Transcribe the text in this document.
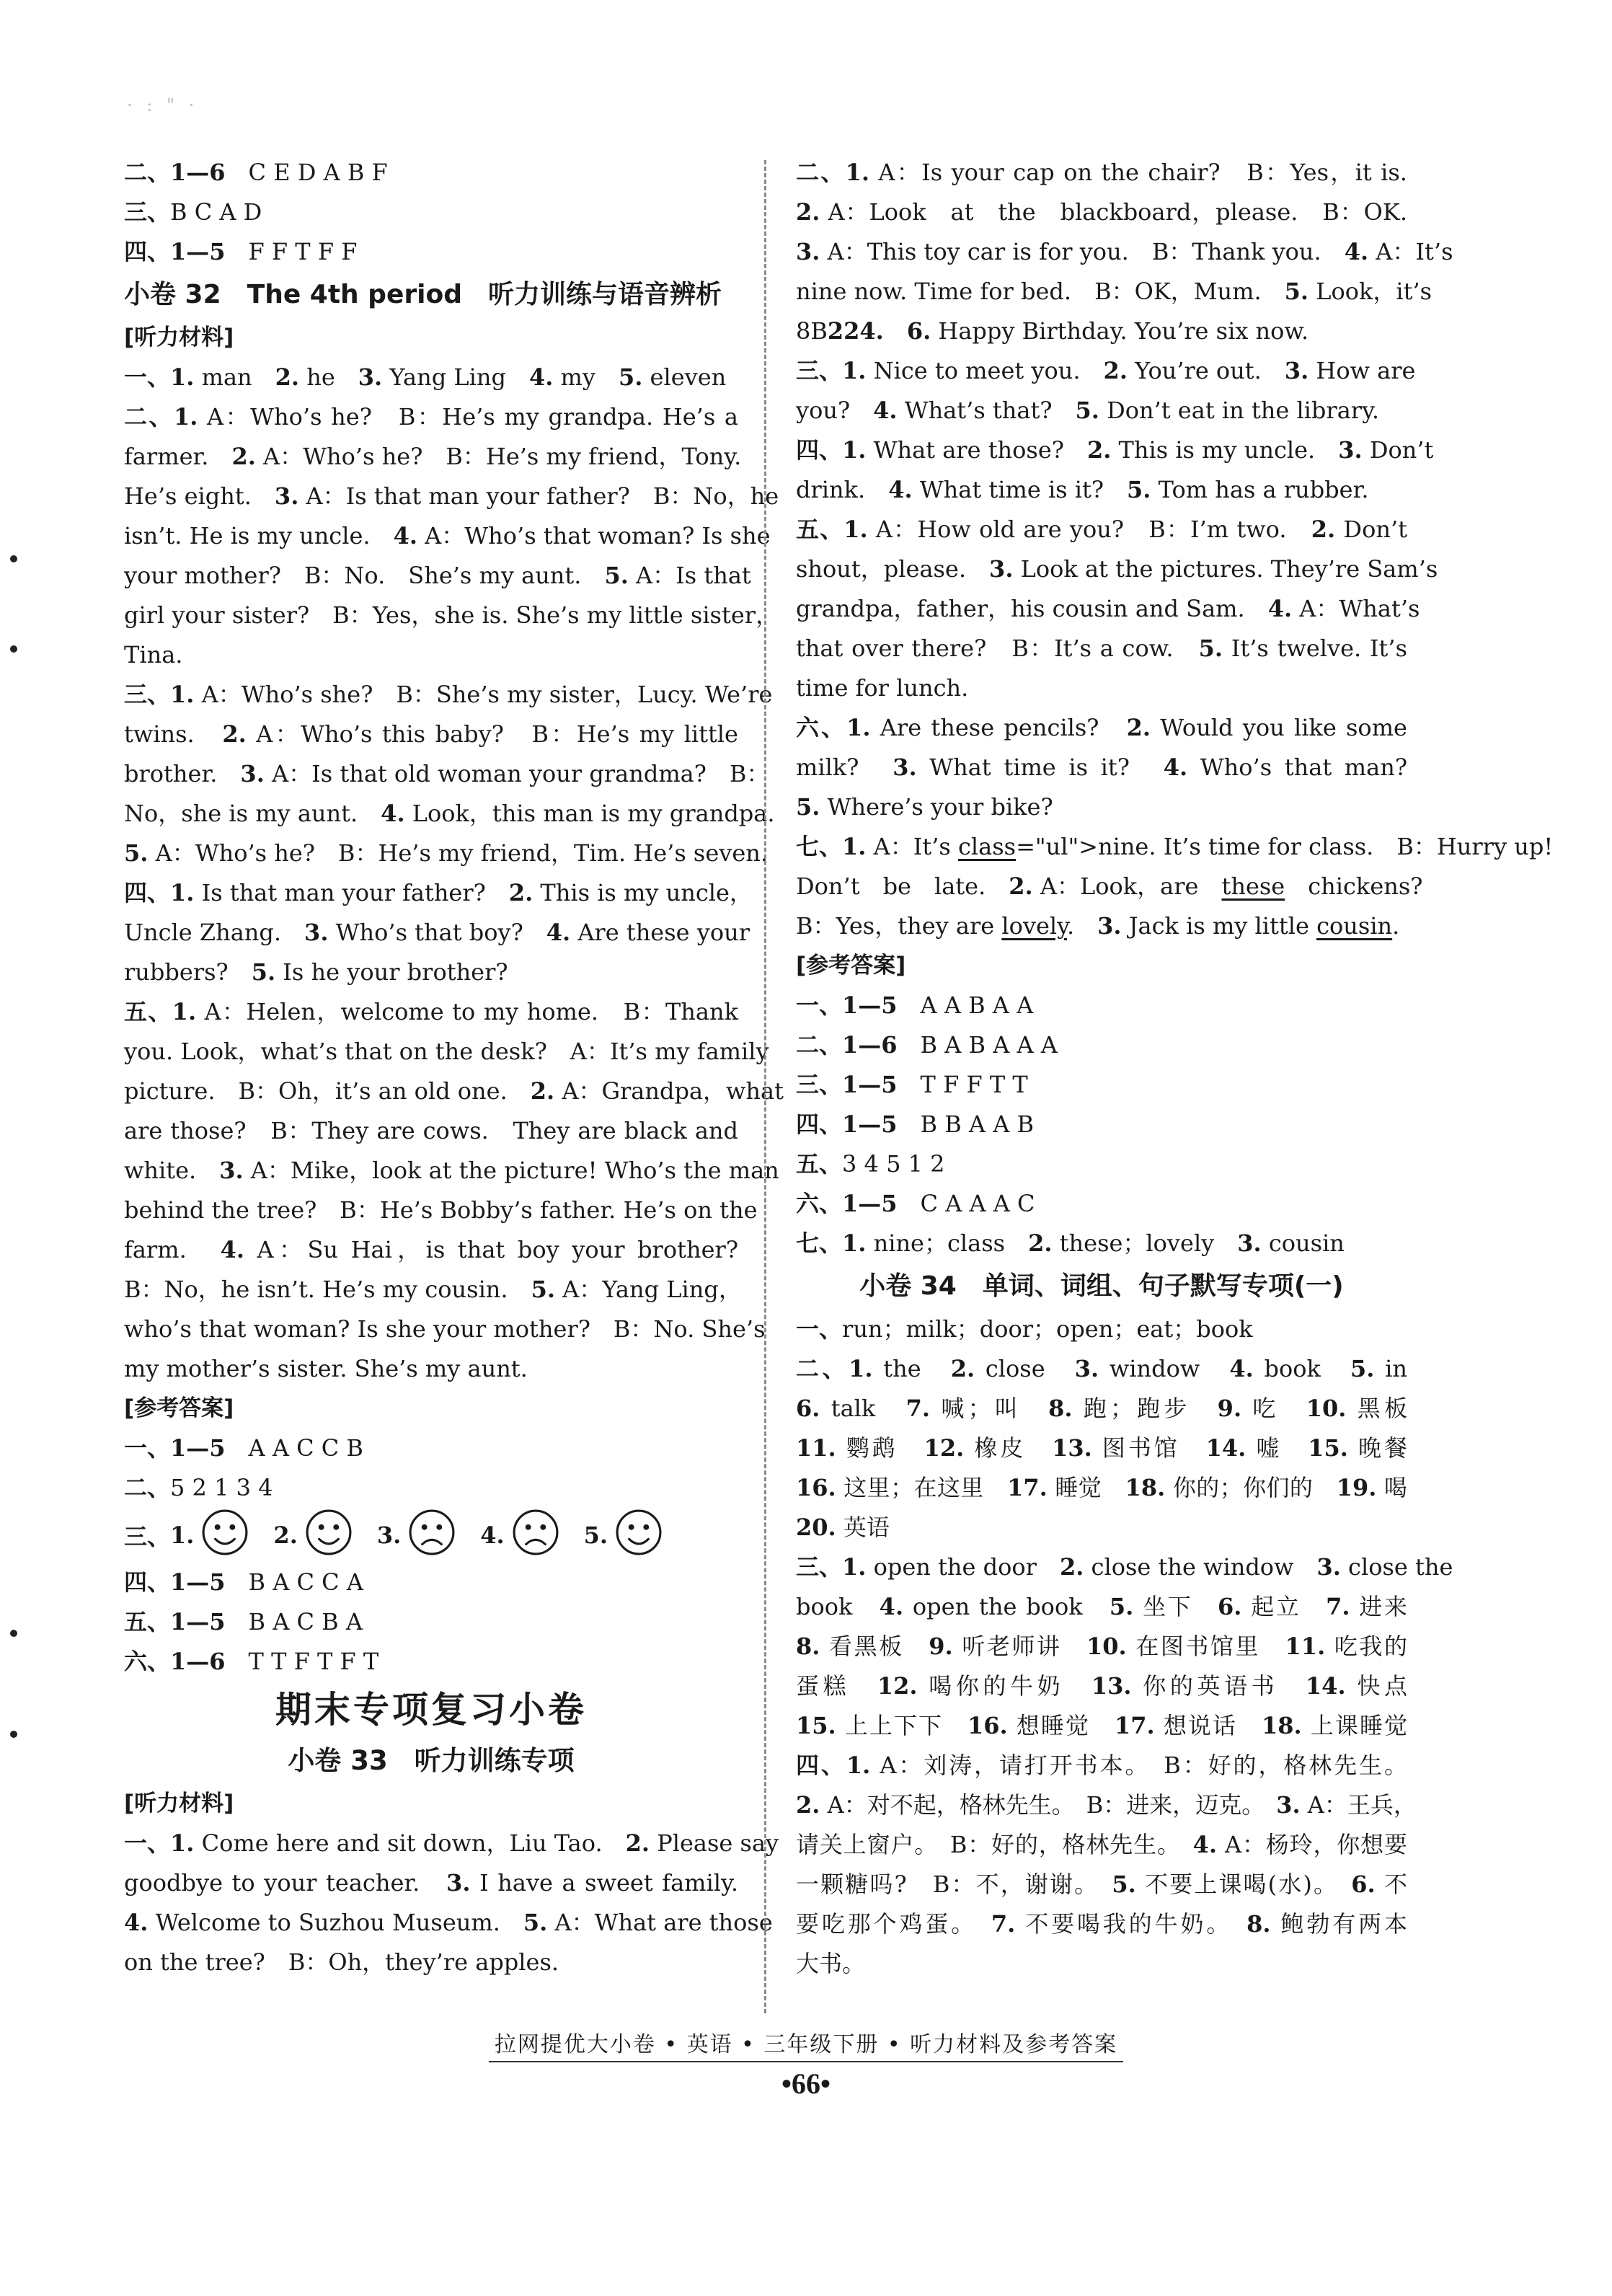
· : " ·
二、1—6　C E D A B F
三、B C A D
四、1—5　F F T F F
小卷 32　The 4th period　听力训练与语音辨析
[听力材料]
一、1. man　2. he　3. Yang Ling　4. my　5. eleven
二、1. A：Who’s he?　B：He’s my grandpa. He’s a
farmer.　2. A：Who’s he?　B：He’s my friend，Tony.
He’s eight.　3. A：Is that man your father?　B：No，he
isn’t. He is my uncle.　4. A：Who’s that woman? Is she
your mother?　B：No.　She’s my aunt.　5. A：Is that
girl your sister?　B：Yes，she is. She’s my little sister，
Tina.
三、1. A：Who’s she?　B：She’s my sister，Lucy. We’re
twins.　2. A：Who’s this baby?　B：He’s my little
brother.　3. A：Is that old woman your grandma?　B：
No，she is my aunt.　4. Look，this man is my grandpa.
5. A：Who’s he?　B：He’s my friend，Tim. He’s seven.
四、1. Is that man your father?　2. This is my uncle，
Uncle Zhang.　3. Who’s that boy?　4. Are these your
rubbers?　5. Is he your brother?
五、1. A：Helen，welcome to my home.　B：Thank
you. Look，what’s that on the desk?　A：It’s my family
picture.　B：Oh，it’s an old one.　2. A：Grandpa，what
are those?　B：They are cows.　They are black and
white.　3. A：Mike，look at the picture! Who’s the man
behind the tree?　B：He’s Bobby’s father. He’s on the
farm.　4. A：Su Hai，is that boy your brother?
B：No，he isn’t. He’s my cousin.　5. A：Yang Ling，
who’s that woman? Is she your mother?　B：No. She’s
my mother’s sister. She’s my aunt.
[参考答案]
一、1—5　A A C C B
二、5 2 1 3 4
三、 1.	2.	3.	4.	5.
四、1—5　B A C C A
五、1—5　B A C B A
六、1—6　T T F T F T
期末专项复习小卷
小卷 33　听力训练专项
[听力材料]
一、1. Come here and sit down，Liu Tao.　2. Please say
goodbye to your teacher.　3. I have a sweet family.
4. Welcome to Suzhou Museum.　5. A：What are those
on the tree?　B：Oh，they’re apples.
二、1. A：Is your cap on the chair?　B：Yes，it is.
2. A：Look　at　the　blackboard，please.　B：OK.
3. A：This toy car is for you.　B：Thank you.　4. A：It’s
nine now. Time for bed.　B：OK，Mum.　5. Look，it’s
8B224.　 6. Happy Birthday. You’re six now.
三、1. Nice to meet you.　2. You’re out.　3. How are
you?　4. What’s that?　5. Don’t eat in the library.
四、1. What are those?　2. This is my uncle.　3. Don’t
drink.　4. What time is it?　5. Tom has a rubber.
五、1. A：How old are you?　B：I’m two.　2. Don’t
shout，please.　3. Look at the pictures. They’re Sam’s
grandpa，father，his cousin and Sam.　4. A：What’s
that over there?　B：It’s a cow.　5. It’s twelve. It’s
time for lunch.
六、1. Are these pencils?　2. Would you like some
milk?　3. What time is it?　4. Who’s that man?
5. Where’s your bike?
七、1. A：It’s class="ul">nine. It’s time for class.　B：Hurry up!
Don’t　be　late.　2. A：Look，are　these　chickens?
B：Yes，they are lovely.　3. Jack is my little cousin.
[参考答案]
一、1—5　A A B A A
二、1—6　B A B A A A
三、1—5　T F F T T
四、1—5　B B A A B
五、3 4 5 1 2
六、1—5　C A A A C
七、1. nine；class　2. these；lovely　3. cousin
小卷 34　单词、词组、句子默写专项(一)
一、run；milk；door；open；eat；book
二、1. the　2. close　3. window　4. book　5. in
6. talk　7. 喊；叫　8. 跑；跑步　9. 吃　10. 黑板
11. 鹦鹉　12. 橡皮　13. 图书馆　14. 嘘　15. 晚餐
16. 这里；在这里　17. 睡觉　18. 你的；你们的　19. 喝
20. 英语
三、1. open the door　2. close the window　3. close the
book　4. open the book　5. 坐下　6. 起立　7. 进来
8. 看黑板　9. 听老师讲　10. 在图书馆里　11. 吃我的
蛋糕　12. 喝你的牛奶　13. 你的英语书　14. 快点
15. 上上下下　16. 想睡觉　17. 想说话　18. 上课睡觉
四、1. A：刘涛，请打开书本。　B：好的，格林先生。
2. A：对不起，格林先生。　B：进来，迈克。　3. A：王兵，
请关上窗户。　B：好的，格林先生。　4. A：杨玲，你想要
一颗糖吗?　B：不，谢谢。　5. 不要上课喝(水)。　6. 不
要吃那个鸡蛋。　7. 不要喝我的牛奶。　8. 鲍勃有两本
大书。
拉网提优大小卷 • 英语 • 三年级下册 • 听力材料及参考答案
•66•
